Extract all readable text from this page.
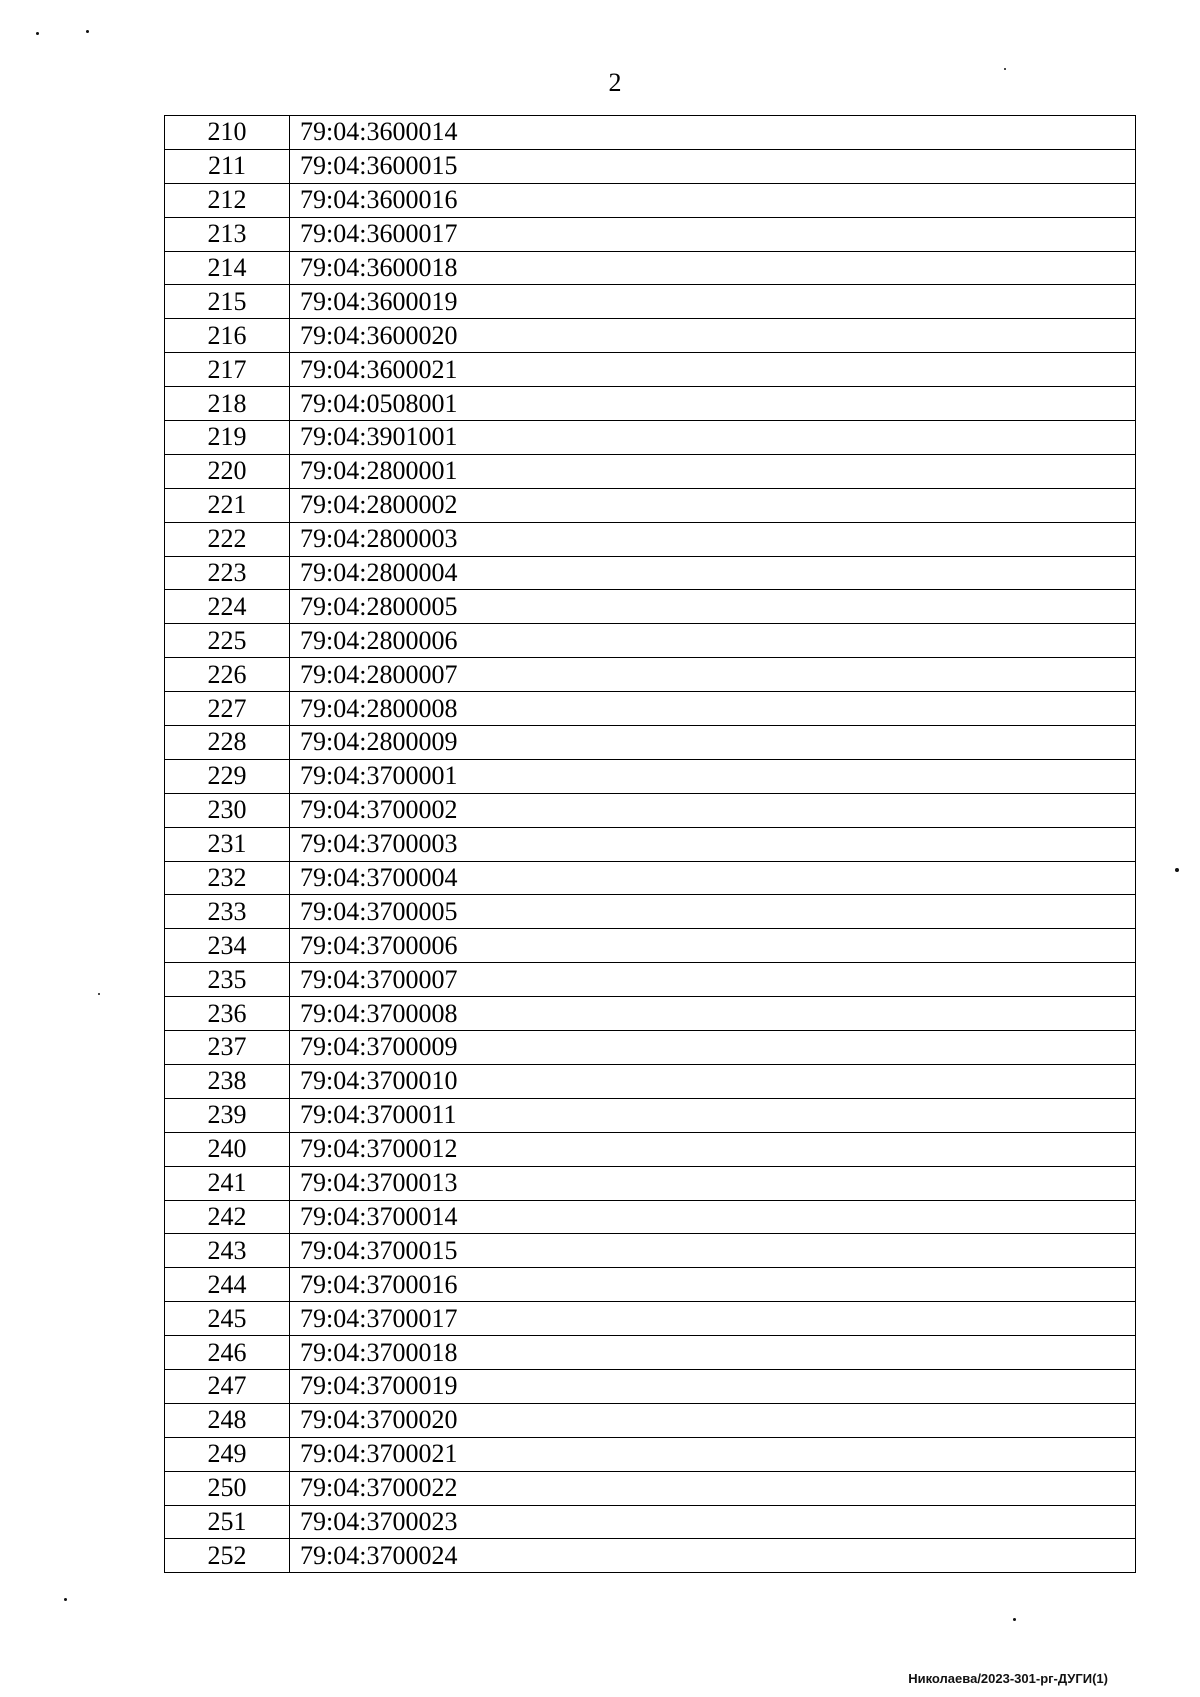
2
210	79:04:3600014
211	79:04:3600015
212	79:04:3600016
213	79:04:3600017
214	79:04:3600018
215	79:04:3600019
216	79:04:3600020
217	79:04:3600021
218	79:04:0508001
219	79:04:3901001
220	79:04:2800001
221	79:04:2800002
222	79:04:2800003
223	79:04:2800004
224	79:04:2800005
225	79:04:2800006
226	79:04:2800007
227	79:04:2800008
228	79:04:2800009
229	79:04:3700001
230	79:04:3700002
231	79:04:3700003
232	79:04:3700004
233	79:04:3700005
234	79:04:3700006
235	79:04:3700007
236	79:04:3700008
237	79:04:3700009
238	79:04:3700010
239	79:04:3700011
240	79:04:3700012
241	79:04:3700013
242	79:04:3700014
243	79:04:3700015
244	79:04:3700016
245	79:04:3700017
246	79:04:3700018
247	79:04:3700019
248	79:04:3700020
249	79:04:3700021
250	79:04:3700022
251	79:04:3700023
252	79:04:3700024
Николаева/2023-301-рг-ДУГИ(1)
